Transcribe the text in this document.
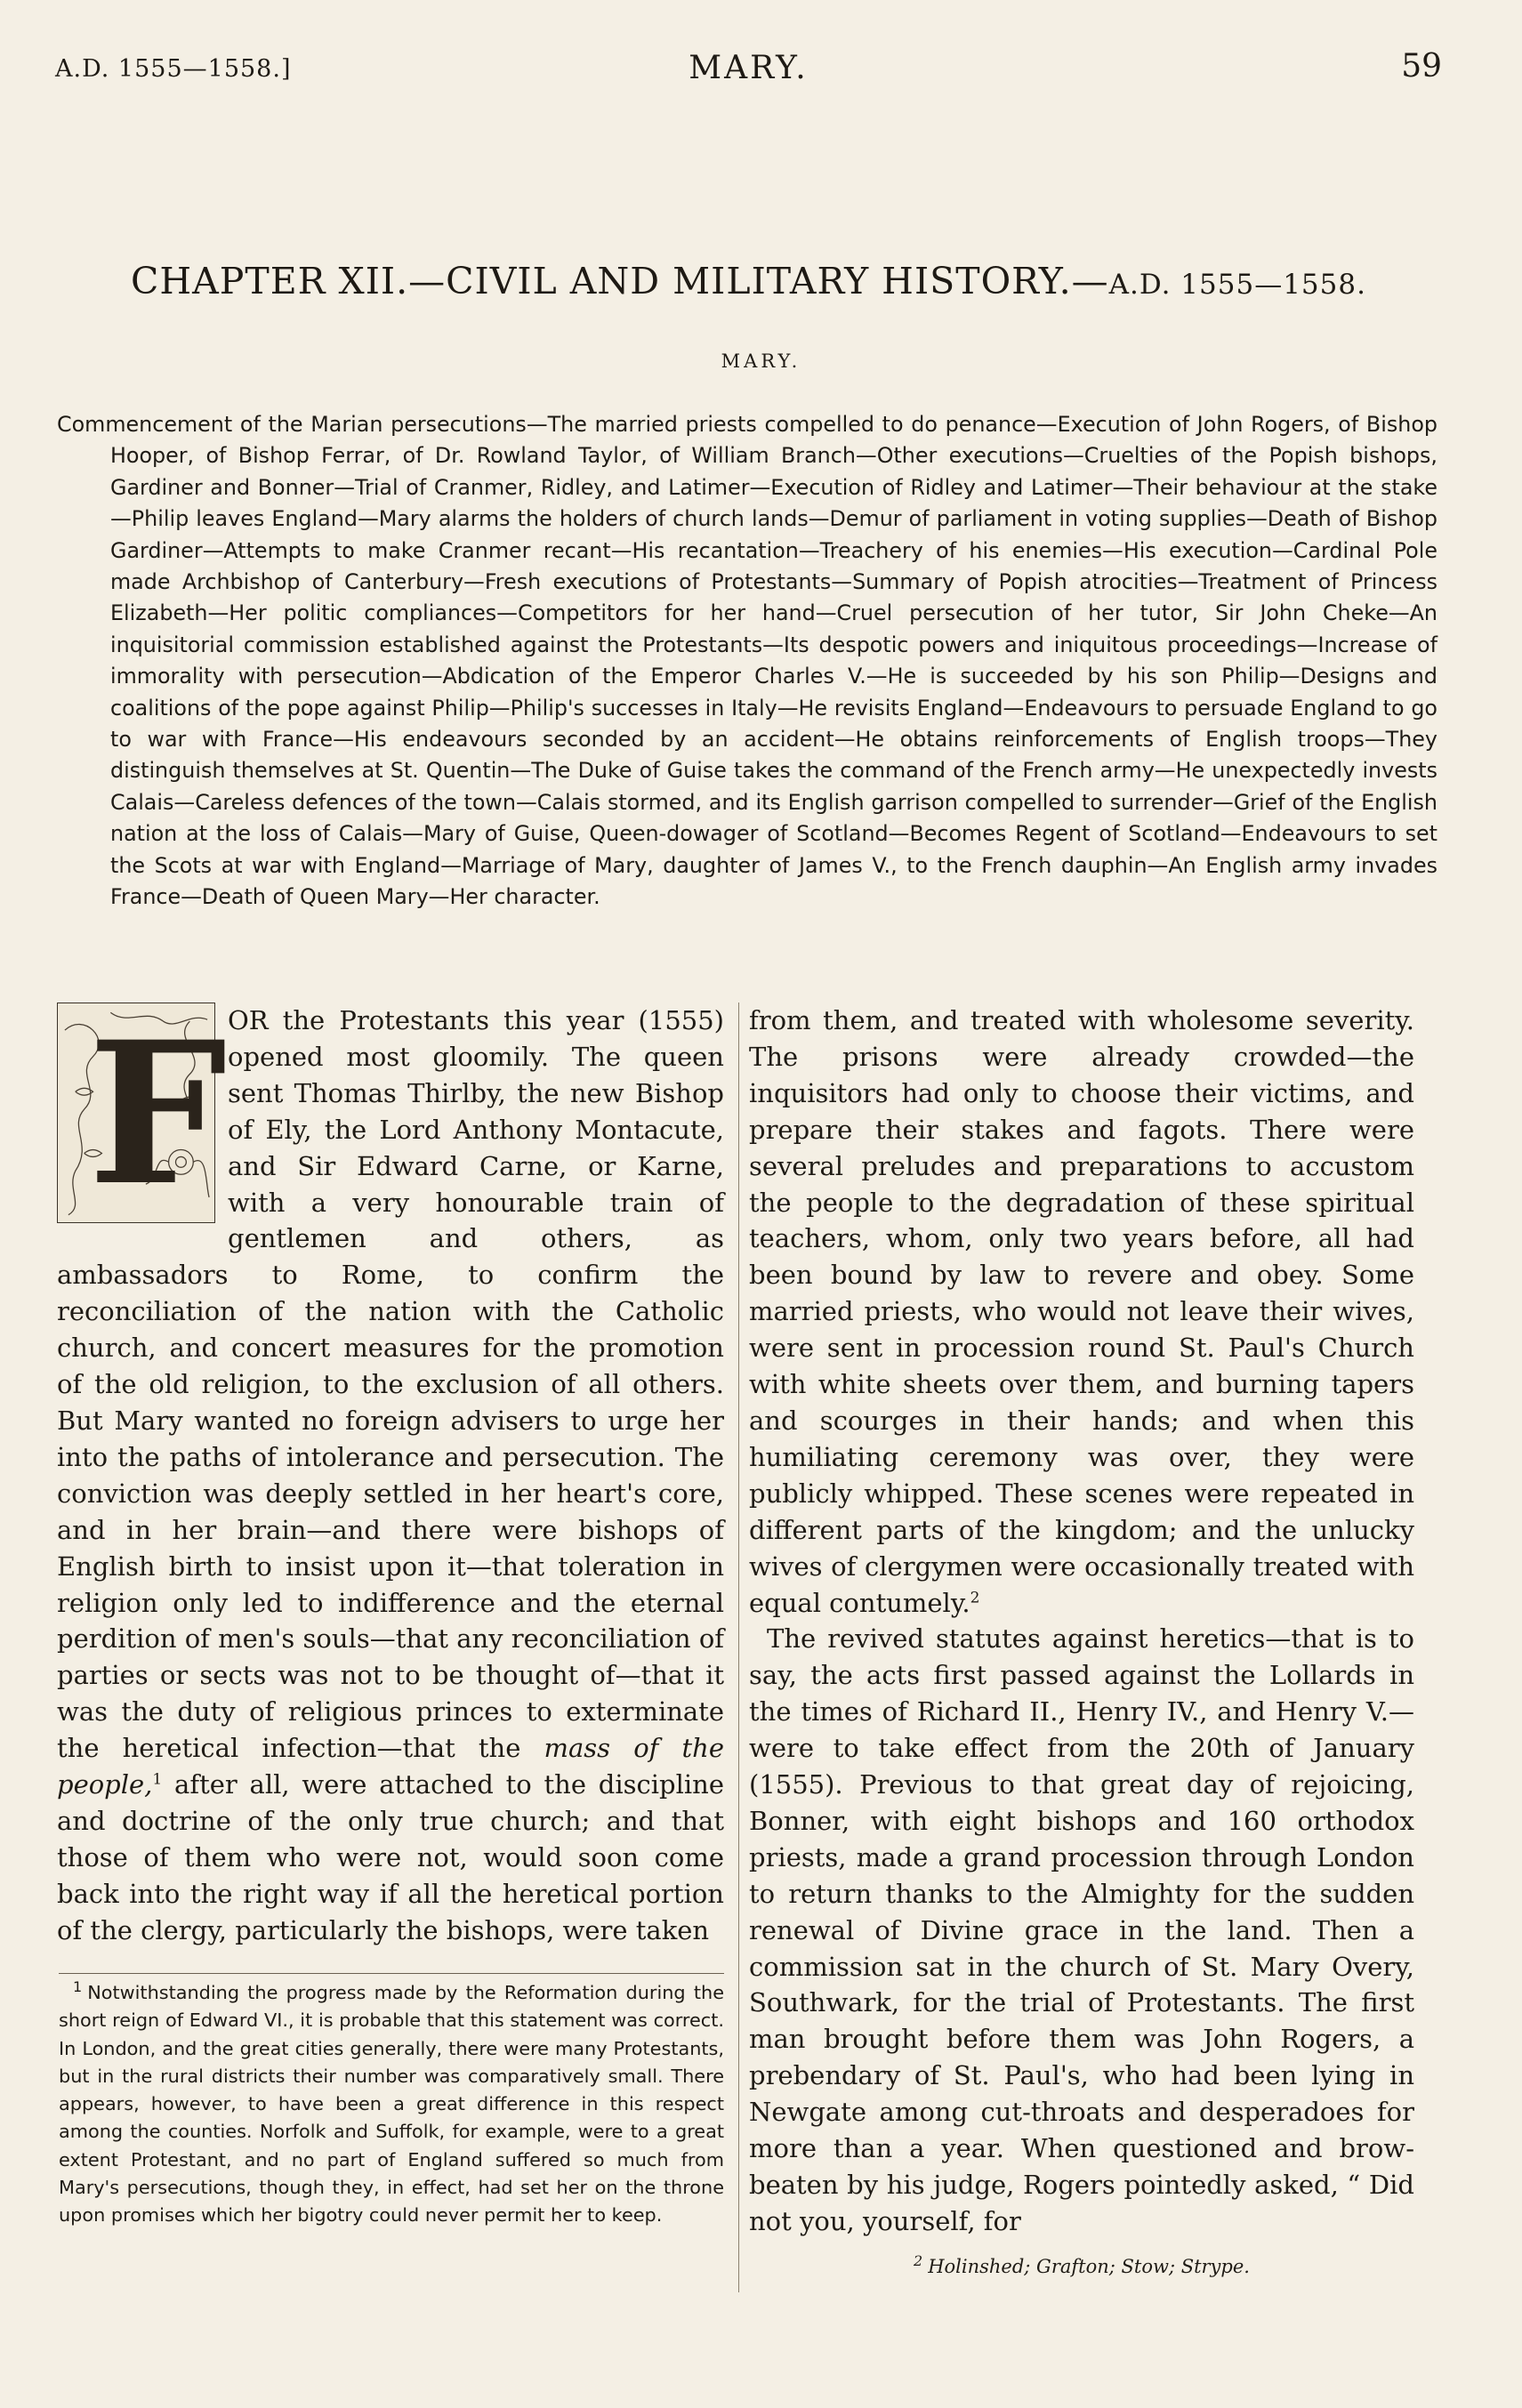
A.D. 1555—1558.]	MARY.	59
CHAPTER XII.—CIVIL AND MILITARY HISTORY.—A.D. 1555—1558.
MARY.
Commencement of the Marian persecutions—The married priests compelled to do penance—Execution of John Rogers, of Bishop Hooper, of Bishop Ferrar, of Dr. Rowland Taylor, of William Branch—Other executions—Cruelties of the Popish bishops, Gardiner and Bonner—Trial of Cranmer, Ridley, and Latimer—Execution of Ridley and Latimer—Their behaviour at the stake—Philip leaves England—Mary alarms the holders of church lands—Demur of parliament in voting supplies—Death of Bishop Gardiner—Attempts to make Cranmer recant—His recantation—Treachery of his enemies—His execution—Cardinal Pole made Archbishop of Canterbury—Fresh executions of Protestants—Summary of Popish atrocities—Treatment of Princess Elizabeth—Her politic compliances—Competitors for her hand—Cruel persecution of her tutor, Sir John Cheke—An inquisitorial commission established against the Protestants—Its despotic powers and iniquitous proceedings—Increase of immorality with persecution—Abdication of the Emperor Charles V.—He is succeeded by his son Philip—Designs and coalitions of the pope against Philip—Philip's successes in Italy—He revisits England—Endeavours to persuade England to go to war with France—His endeavours seconded by an accident—He obtains reinforcements of English troops—They distinguish themselves at St. Quentin—The Duke of Guise takes the command of the French army—He unexpectedly invests Calais—Careless defences of the town—Calais stormed, and its English garrison compelled to surrender—Grief of the English nation at the loss of Calais—Mary of Guise, Queen-dowager of Scotland—Becomes Regent of Scotland—Endeavours to set the Scots at war with England—Marriage of Mary, daughter of James V., to the French dauphin—An English army invades France—Death of Queen Mary—Her character.
F OR the Protestants this year (1555) opened most gloomily. The queen sent Thomas Thirlby, the new Bishop of Ely, the Lord Anthony Montacute, and Sir Edward Carne, or Karne, with a very honourable train of gentlemen and others, as ambassadors to Rome, to confirm the reconciliation of the nation with the Catholic church, and concert measures for the promotion of the old religion, to the exclusion of all others. But Mary wanted no foreign advisers to urge her into the paths of intolerance and persecution. The conviction was deeply settled in her heart's core, and in her brain—and there were bishops of English birth to insist upon it—that toleration in religion only led to indifference and the eternal perdition of men's souls—that any reconciliation of parties or sects was not to be thought of—that it was the duty of religious princes to exterminate the heretical infection—that the mass of the people,$^1$ after all, were attached to the discipline and doctrine of the only true church; and that those of them who were not, would soon come back into the right way if all the heretical portion of the clergy, particularly the bishops, were taken

from them, and treated with wholesome severity. The prisons were already crowded—the inquisitors had only to choose their victims, and prepare their stakes and fagots. There were several preludes and preparations to accustom the people to the degradation of these spiritual teachers, whom, only two years before, all had been bound by law to revere and obey. Some married priests, who would not leave their wives, were sent in procession round St. Paul's Church with white sheets over them, and burning tapers and scourges in their hands; and when this humiliating ceremony was over, they were publicly whipped. These scenes were repeated in different parts of the kingdom; and the unlucky wives of clergymen were occasionally treated with equal contumely.$^2$

The revived statutes against heretics—that is to say, the acts first passed against the Lollards in the times of Richard II., Henry IV., and Henry V.—were to take effect from the 20th of January (1555). Previous to that great day of rejoicing, Bonner, with eight bishops and 160 orthodox priests, made a grand procession through London to return thanks to the Almighty for the sudden renewal of Divine grace in the land. Then a commission sat in the church of St. Mary Overy, Southwark, for the trial of Protestants. The first man brought before them was John Rogers, a prebendary of St. Paul's, who had been lying in Newgate among cut-throats and desperadoes for more than a year. When questioned and brow-beaten by his judge, Rogers pointedly asked, “ Did not you, yourself, for

$^1$ Notwithstanding the progress made by the Reformation during the short reign of Edward VI., it is probable that this statement was correct. In London, and the great cities generally, there were many Protestants, but in the rural districts their number was comparatively small. There appears, however, to have been a great difference in this respect among the counties. Norfolk and Suffolk, for example, were to a great extent Protestant, and no part of England suffered so much from Mary's persecutions, though they, in effect, had set her on the throne upon promises which her bigotry could never permit her to keep.

$^2$ Holinshed; Grafton; Stow; Strype.
